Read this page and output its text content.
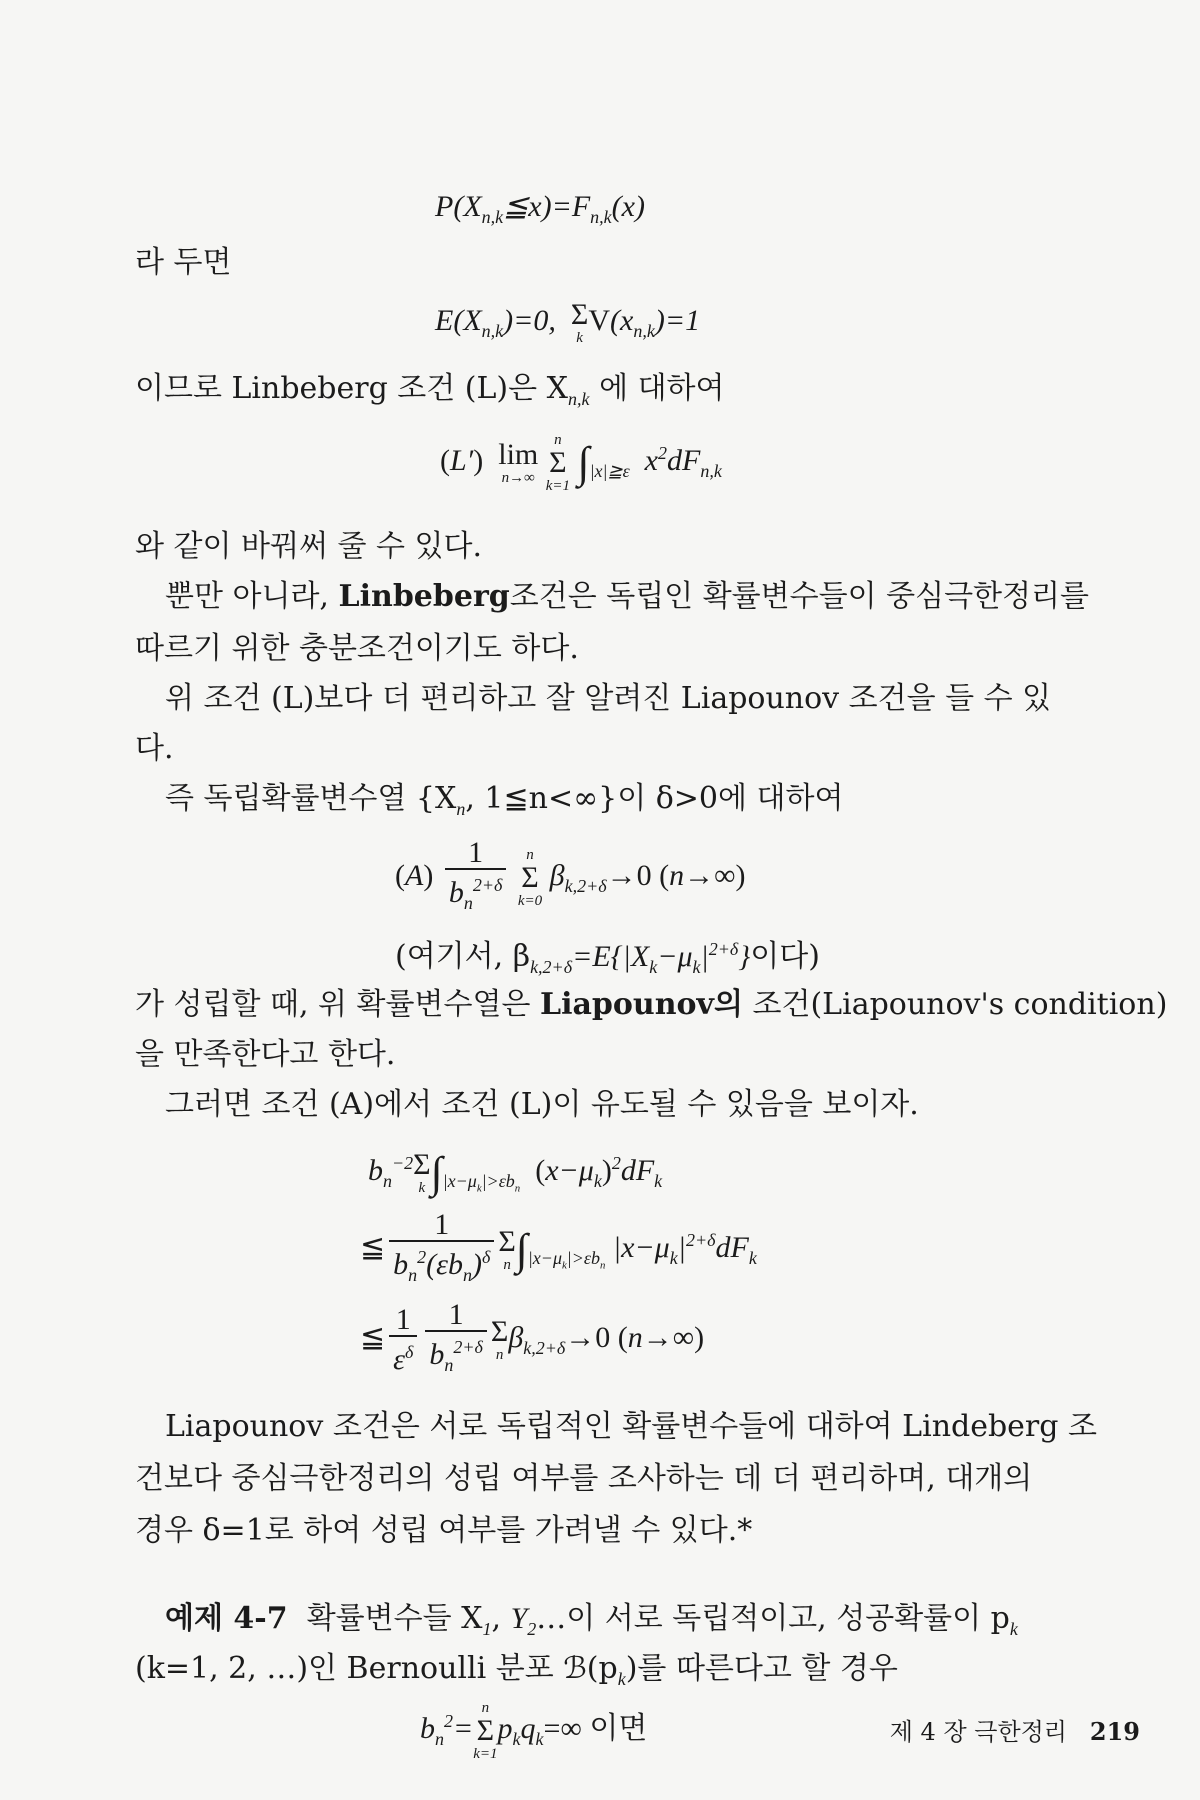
$P(X_{n,k}≦x)=F_{n,k}(x)$
라 두면
$E(X_{n,k})=0$, Σ
k
$V(x_{n,k})=1$
이므로 Linbeberg 조건 (L)은 $X_{n,k}$ 에 대하여
(L′) lim
n→∞

n
Σ
k=1 $\int_{|x|≧\varepsilon}$  $x^2dF_{n,k}$
와 같이 바꿔써 줄 수 있다.
뿐만 아니라, Linbeberg조건은 독립인 확률변수들이 중심극한정리를
따르기 위한 충분조건이기도 하다.
위 조건 (L)보다 더 편리하고 잘 알려진 Liapounov 조건을 들 수 있
다.
즉 독립확률변수열 {$X_n$, 1≦n<∞}이 δ>0에 대하여
$(A) \frac{1}{b_n^{2+\delta}}$
	n
Σ
k=0
$\beta_{k,2+\delta}\to 0$ (n→∞)
(여기서, $\beta_{k,2+\delta}=E\{|X_k-\mu_k|^{2+\delta}\}$이다)
가 성립할 때, 위 확률변수열은 Liapounov의 조건(Liapounov's condition)
을 만족한다고 한다.
그러면 조건 (A)에서 조건 (L)이 유도될 수 있음을 보이자.
$b_n^{-2}$ Σ
k $\int_{|x-\mu_k|>\varepsilon b_n}$  $(x-\mu_k)^2dF_k$
≦ $\frac{1}{b_n^2(\varepsilon b_n)^\delta}$ Σ
n $\int_{|x-\mu_k|>\varepsilon b_n}$ $|x-\mu_k|^{2+\delta}dF_k$
≦ $\frac{1}{\varepsilon^\delta} \frac{1}{b_n^{2+\delta}}$ Σ
n
$\beta_{k,2+\delta}\to 0$ (n→∞)
Liapounov 조건은 서로 독립적인 확률변수들에 대하여 Lindeberg 조
건보다 중심극한정리의 성립 여부를 조사하는 데 더 편리하며, 대개의
경우 δ=1로 하여 성립 여부를 가려낼 수 있다.*
예제 4-7 확률변수들 $X_1$, $Y_2\dots$이 서로 독립적이고, 성공확률이 $p_k$
(k=1, 2, …)인 Bernoulli 분포 $ℬ(p_k)$를 따른다고 할 경우
$b_n^2=$
n
Σ
k=1
$p_kq_k=\infty$ 이면	제 4 장 극한정리 219
